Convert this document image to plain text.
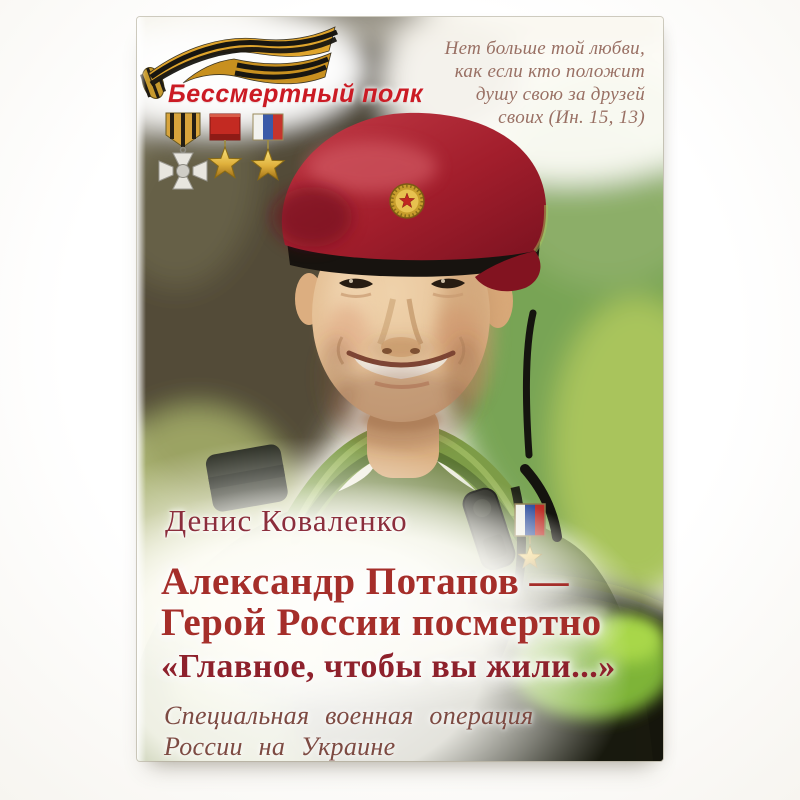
Нет больше той любви,
как если кто положит
душу свою за друзей
своих (Ин. 15, 13)
Бессмертный полк
Денис Коваленко
Александр Потапов —
Герой России посмертно
«Главное, чтобы вы жили...»
Специальная военная операция
России на Украине
